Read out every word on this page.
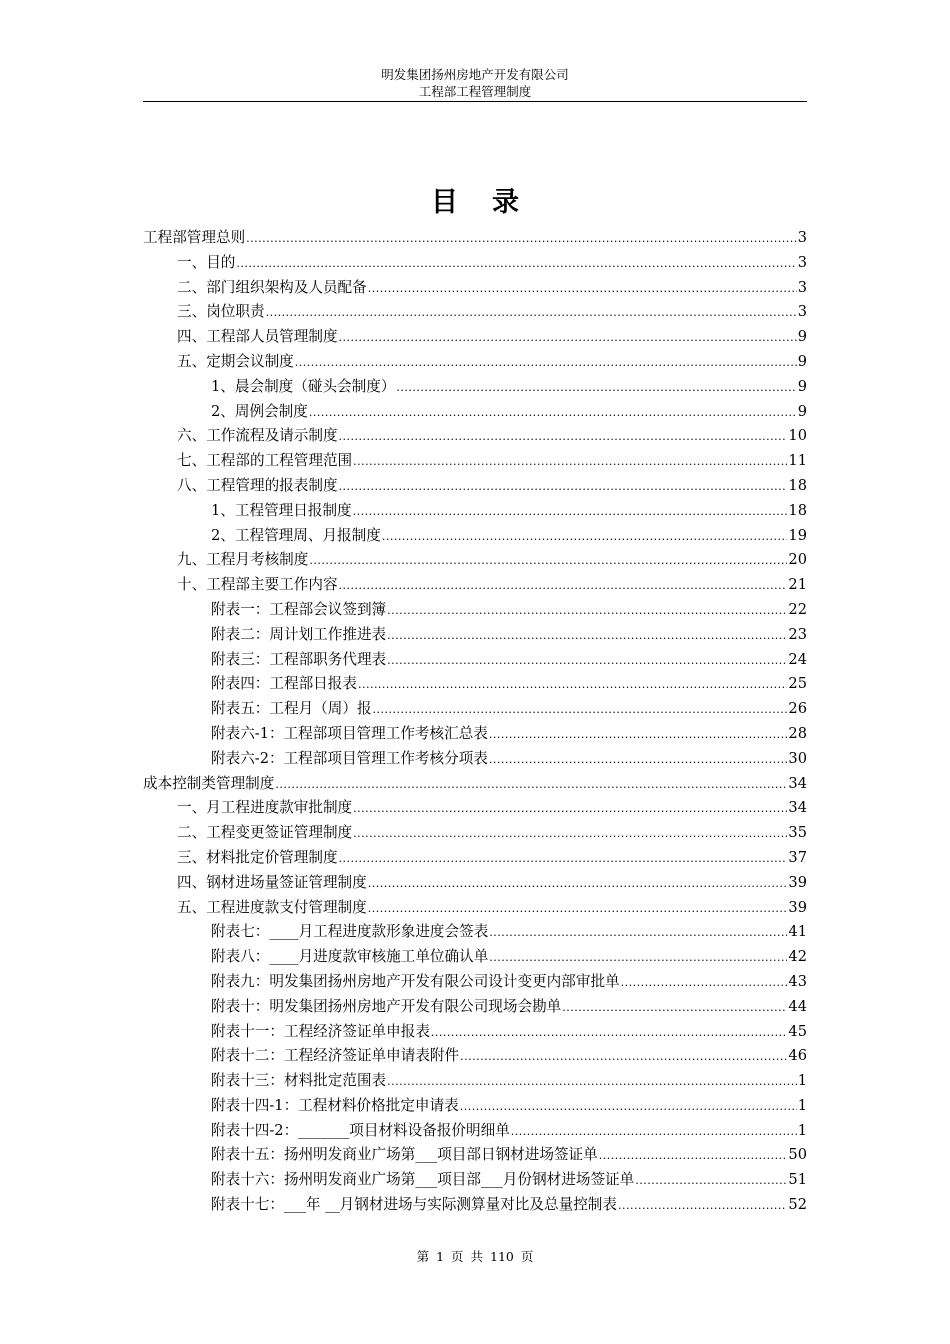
明发集团扬州房地产开发有限公司
工程部工程管理制度
目录
工程部管理总则 .....	3
一、目的 .....	3
二、部门组织架构及人员配备 .....	3
三、岗位职责 .....	3
四、工程部人员管理制度 .....	9
五、定期会议制度 .....	9
1、晨会制度（碰头会制度） .....	9
2、周例会制度 .....	9
六、工作流程及请示制度 .....	10
七、工程部的工程管理范围 .....	11
八、工程管理的报表制度 .....	18
1、工程管理日报制度 .....	18
2、工程管理周、月报制度 .....	19
九、工程月考核制度 .....	20
十、工程部主要工作内容 .....	21
附表一：工程部会议签到簿 .....	22
附表二：周计划工作推进表 .....	23
附表三：工程部职务代理表 .....	24
附表四：工程部日报表 .....	25
附表五：工程月（周）报 .....	26
附表六-1：工程部项目管理工作考核汇总表 .....	28
附表六-2：工程部项目管理工作考核分项表 .....	30
成本控制类管理制度 .....	34
一、月工程进度款审批制度 .....	34
二、工程变更签证管理制度 .....	35
三、材料批定价管理制度 .....	37
四、钢材进场量签证管理制度 .....	39
五、工程进度款支付管理制度 .....	39
附表七：____月工程进度款形象进度会签表 .....	41
附表八：____月进度款审核施工单位确认单 .....	42
附表九：明发集团扬州房地产开发有限公司设计变更内部审批单 .....	43
附表十：明发集团扬州房地产开发有限公司现场会勘单 .....	44
附表十一：工程经济签证单申报表 .....	45
附表十二：工程经济签证单申请表附件 .....	46
附表十三：材料批定范围表 .....	1
附表十四-1：工程材料价格批定申请表 .....	1
附表十四-2：_______项目材料设备报价明细单 .....	1
附表十五：扬州明发商业广场第___项目部日钢材进场签证单 .....	50
附表十六：扬州明发商业广场第___项目部___月份钢材进场签证单 .....	51
附表十七：___年 __月钢材进场与实际测算量对比及总量控制表 .....	52
第 1 页 共 110 页
